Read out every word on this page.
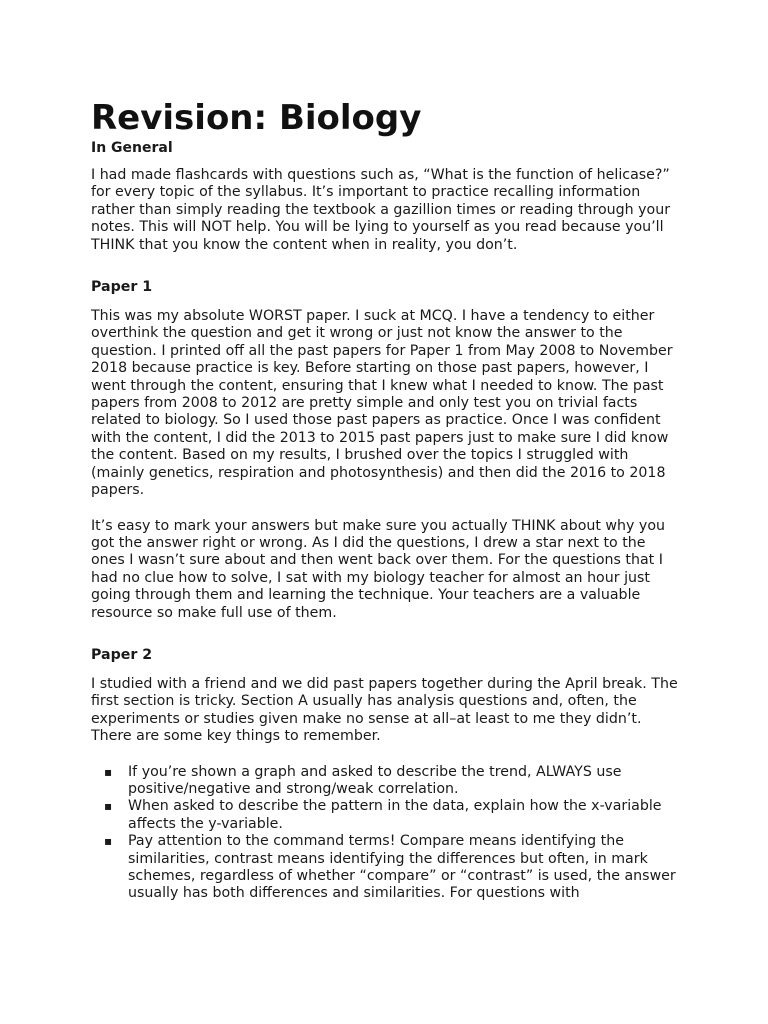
Revision: Biology

In General

I had made flashcards with questions such as, “What is the function of helicase?” for every topic of the syllabus. It’s important to practice recalling information rather than simply reading the textbook a gazillion times or reading through your notes. This will NOT help. You will be lying to yourself as you read because you’ll THINK that you know the content when in reality, you don’t.

Paper 1

This was my absolute WORST paper. I suck at MCQ. I have a tendency to either overthink the question and get it wrong or just not know the answer to the question. I printed off all the past papers for Paper 1 from May 2008 to November 2018 because practice is key. Before starting on those past papers, however, I went through the content, ensuring that I knew what I needed to know. The past papers from 2008 to 2012 are pretty simple and only test you on trivial facts related to biology. So I used those past papers as practice. Once I was confident with the content, I did the 2013 to 2015 past papers just to make sure I did know the content. Based on my results, I brushed over the topics I struggled with (mainly genetics, respiration and photosynthesis) and then did the 2016 to 2018 papers.

It’s easy to mark your answers but make sure you actually THINK about why you got the answer right or wrong. As I did the questions, I drew a star next to the ones I wasn’t sure about and then went back over them. For the questions that I had no clue how to solve, I sat with my biology teacher for almost an hour just going through them and learning the technique. Your teachers are a valuable resource so make full use of them.

Paper 2

I studied with a friend and we did past papers together during the April break. The first section is tricky. Section A usually has analysis questions and, often, the experiments or studies given make no sense at all–at least to me they didn’t. There are some key things to remember.

▪ If you’re shown a graph and asked to describe the trend, ALWAYS use positive/negative and strong/weak correlation.
▪ When asked to describe the pattern in the data, explain how the x-variable affects the y-variable.
▪ Pay attention to the command terms! Compare means identifying the similarities, contrast means identifying the differences but often, in mark schemes, regardless of whether “compare” or “contrast” is used, the answer usually has both differences and similarities. For questions with
